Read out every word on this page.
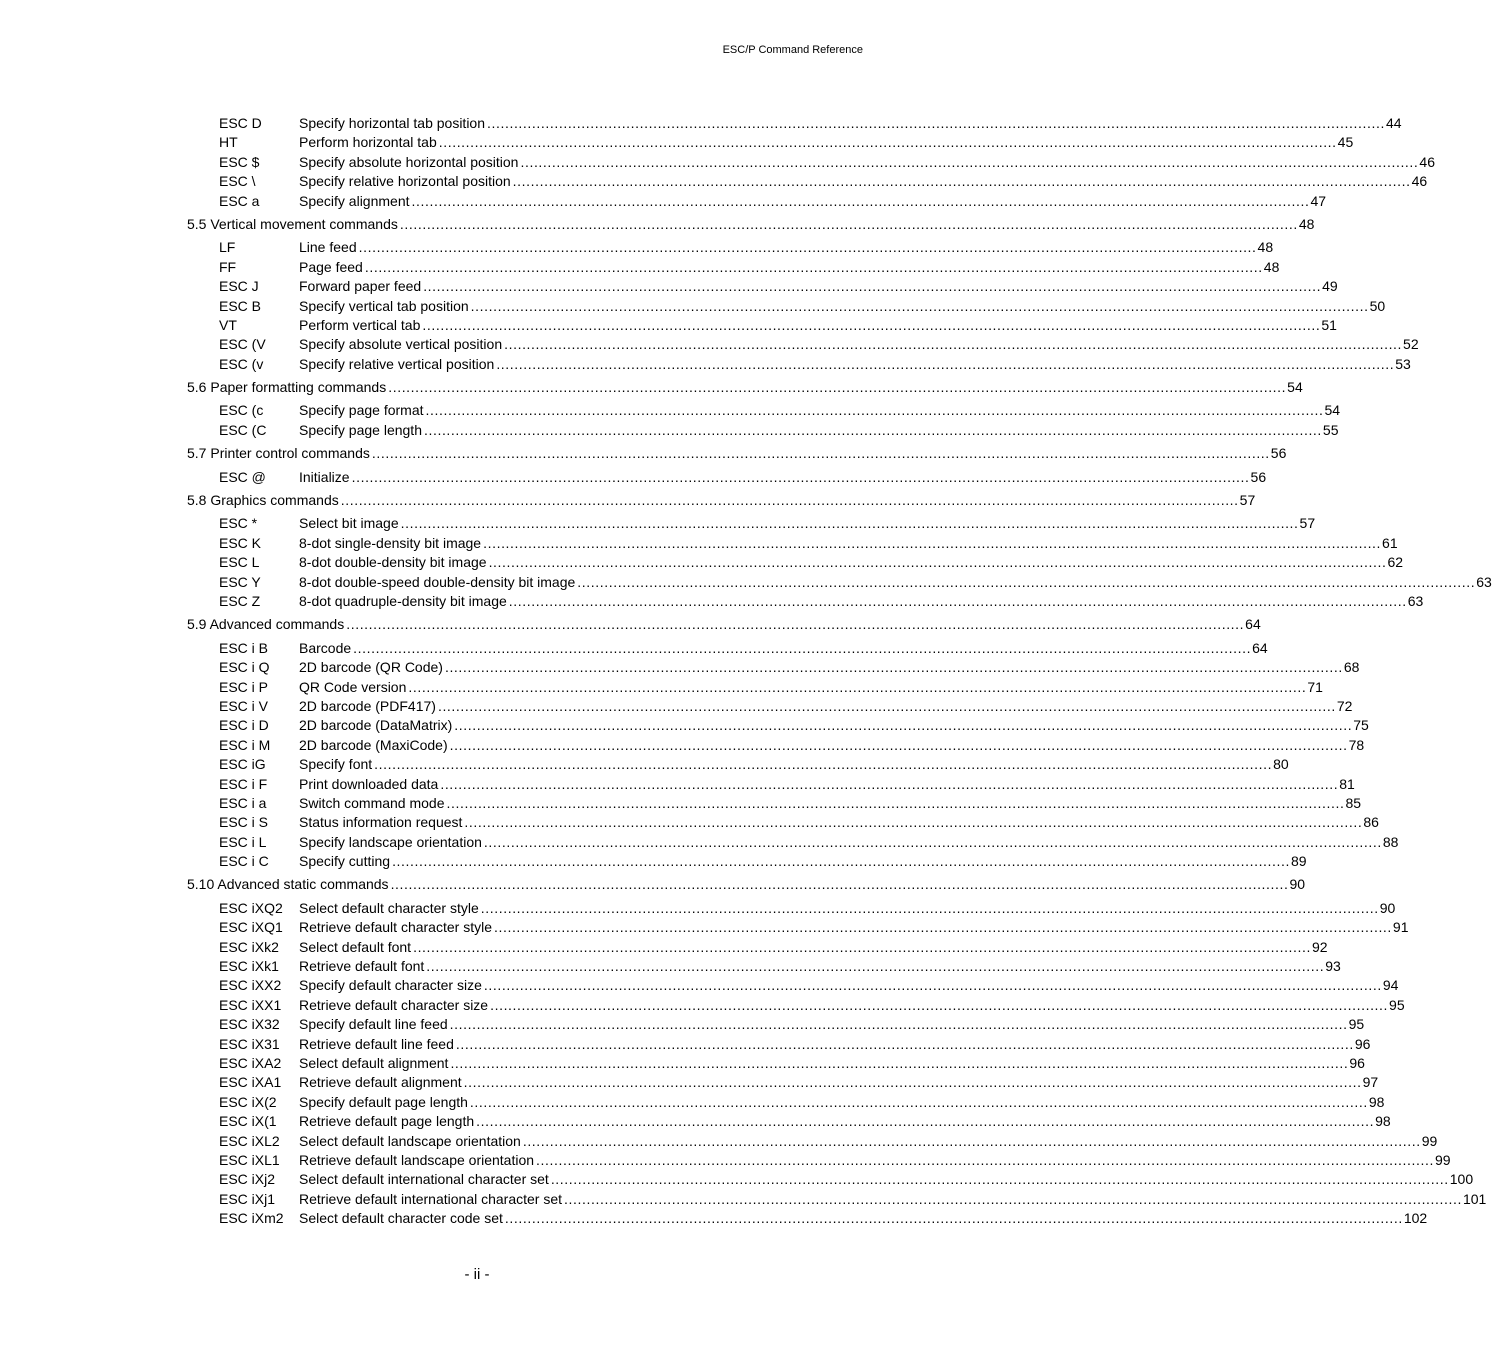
ESC/P Command Reference
ESC D	Specify horizontal tab position ........................................................................................................................................................................................................ 44
HT	Perform horizontal tab ........................................................................................................................................................................................................ 45
ESC $	Specify absolute horizontal position ........................................................................................................................................................................................................ 46
ESC \	Specify relative horizontal position ........................................................................................................................................................................................................ 46
ESC a	Specify alignment ........................................................................................................................................................................................................ 47
5.5 Vertical movement commands ........................................................................................................................................................................................................ 48
LF	Line feed ........................................................................................................................................................................................................ 48
FF	Page feed ........................................................................................................................................................................................................ 48
ESC J	Forward paper feed ........................................................................................................................................................................................................ 49
ESC B	Specify vertical tab position ........................................................................................................................................................................................................ 50
VT	Perform vertical tab ........................................................................................................................................................................................................ 51
ESC (V	Specify absolute vertical position ........................................................................................................................................................................................................ 52
ESC (v	Specify relative vertical position ........................................................................................................................................................................................................ 53
5.6 Paper formatting commands ........................................................................................................................................................................................................ 54
ESC (c	Specify page format ........................................................................................................................................................................................................ 54
ESC (C	Specify page length ........................................................................................................................................................................................................ 55
5.7 Printer control commands ........................................................................................................................................................................................................ 56
ESC @	Initialize ........................................................................................................................................................................................................ 56
5.8 Graphics commands ........................................................................................................................................................................................................ 57
ESC *	Select bit image ........................................................................................................................................................................................................ 57
ESC K	8-dot single-density bit image ........................................................................................................................................................................................................ 61
ESC L	8-dot double-density bit image ........................................................................................................................................................................................................ 62
ESC Y	8-dot double-speed double-density bit image ........................................................................................................................................................................................................ 63
ESC Z	8-dot quadruple-density bit image ........................................................................................................................................................................................................ 63
5.9 Advanced commands ........................................................................................................................................................................................................ 64
ESC i B	Barcode ........................................................................................................................................................................................................ 64
ESC i Q	2D barcode (QR Code) ........................................................................................................................................................................................................ 68
ESC i P	QR Code version ........................................................................................................................................................................................................ 71
ESC i V	2D barcode (PDF417) ........................................................................................................................................................................................................ 72
ESC i D	2D barcode (DataMatrix) ........................................................................................................................................................................................................ 75
ESC i M	2D barcode (MaxiCode) ........................................................................................................................................................................................................ 78
ESC iG	Specify font ........................................................................................................................................................................................................ 80
ESC i F	Print downloaded data ........................................................................................................................................................................................................ 81
ESC i a	Switch command mode ........................................................................................................................................................................................................ 85
ESC i S	Status information request ........................................................................................................................................................................................................ 86
ESC i L	Specify landscape orientation ........................................................................................................................................................................................................ 88
ESC i C	Specify cutting ........................................................................................................................................................................................................ 89
5.10 Advanced static commands ........................................................................................................................................................................................................ 90
ESC iXQ2	Select default character style ........................................................................................................................................................................................................ 90
ESC iXQ1	Retrieve default character style ........................................................................................................................................................................................................ 91
ESC iXk2	Select default font ........................................................................................................................................................................................................ 92
ESC iXk1	Retrieve default font ........................................................................................................................................................................................................ 93
ESC iXX2	Specify default character size ........................................................................................................................................................................................................ 94
ESC iXX1	Retrieve default character size ........................................................................................................................................................................................................ 95
ESC iX32	Specify default line feed ........................................................................................................................................................................................................ 95
ESC iX31	Retrieve default line feed ........................................................................................................................................................................................................ 96
ESC iXA2	Select default alignment ........................................................................................................................................................................................................ 96
ESC iXA1	Retrieve default alignment ........................................................................................................................................................................................................ 97
ESC iX(2	Specify default page length ........................................................................................................................................................................................................ 98
ESC iX(1	Retrieve default page length ........................................................................................................................................................................................................ 98
ESC iXL2	Select default landscape orientation ........................................................................................................................................................................................................ 99
ESC iXL1	Retrieve default landscape orientation ........................................................................................................................................................................................................ 99
ESC iXj2	Select default international character set ........................................................................................................................................................................................................ 100
ESC iXj1	Retrieve default international character set ........................................................................................................................................................................................................ 101
ESC iXm2	Select default character code set ........................................................................................................................................................................................................ 102
- ii -
